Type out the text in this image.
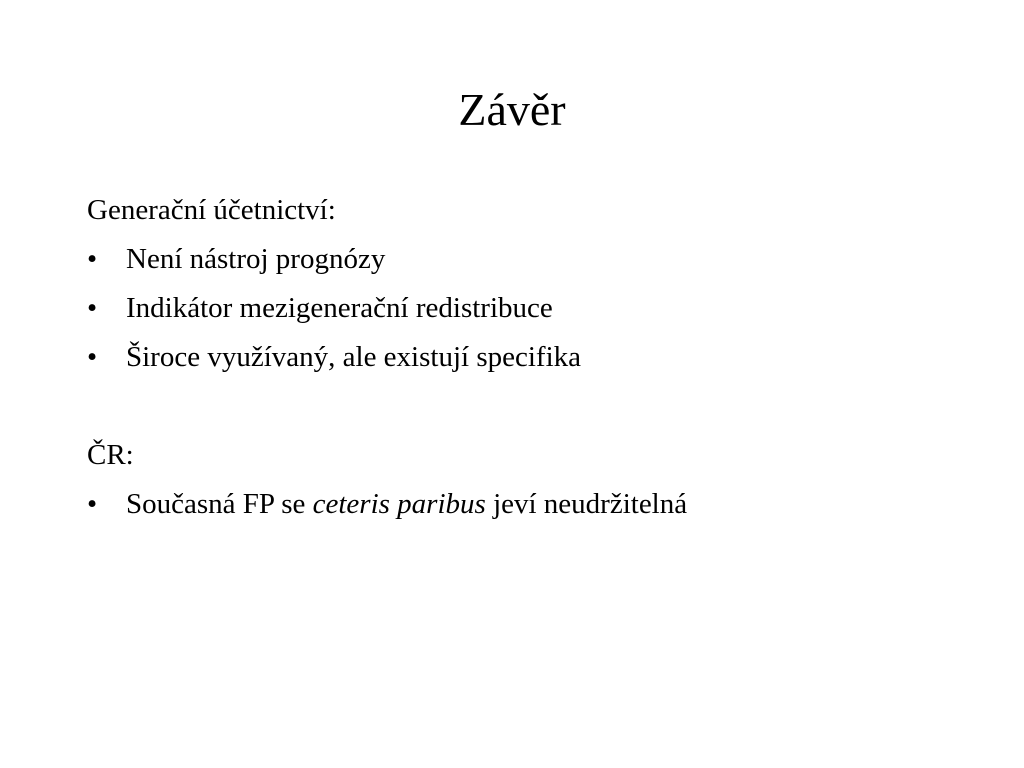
Závěr
Generační účetnictví:
• Není nástroj prognózy
• Indikátor mezigenerační redistribuce
• Široce využívaný, ale existují specifika
ČR:
• Současná FP se ceteris paribus jeví neudržitelná
